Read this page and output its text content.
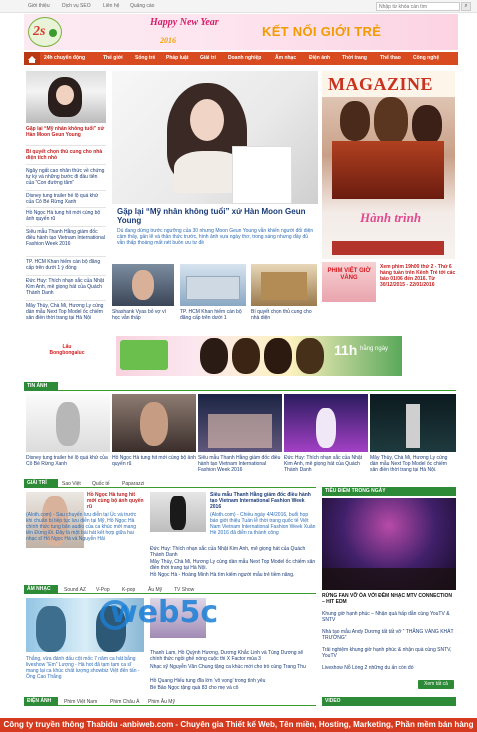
Giới thiệu Dịch vụ SEO Liên hệ Quảng cáo
Nhập từ khóa cần tìm	⌕
2s
Happy New Year
2016
KẾT NỐI GIỚI TRẺ
24h chuyển động	Thế giới Sống trẻ Pháp luật Giải trí Doanh nghiệp	Âm nhạc	Điện ảnh Thời trang	Thể thao Công nghệ
Gặp lại “Mỹ nhân không tuổi” xứ Hàn Moon Geun Young
Bí quyết chọn thủ cung cho nhà diện tích nhỏ
Ngây ngất cao nhân thức về chứng tự kỷ và những bước đi đầu tiên của “Con đường tâm”
Disney tung trailer hé lộ quá khứ của Cô Bé Rừng Xanh
Hồ Ngọc Hà tung hit mới cùng bộ ảnh quyến rũ
Siêu mẫu Thanh Hằng giám đốc điều hành tạo Vietnam International Fashion Week 2016
TP. HCM Khan hiếm cán bộ đăng cấp trên dưới 1 ý đồng
Đức Huy: Thích nhạn sắc của Nhật Kim Anh, mê giọng hát của Quách Thành Danh
Mây Thùy, Chà Mi, Hương Ly cùng dàn mẫu Next Top Model ốc chiếm sân điền thời trang tại Hà Nội
Gặp lại “Mỹ nhân không tuổi” xứ Hàn Moon Geun Young
Dù đang dừng trước ngưỡng của 30 nhưng Moon Geun Young vẫn khiến người đối diện cảm thấy, gần lẽ và thân thức trước, hình ảnh vựa ngày thơ, trong sáng nhưng đầy đủ vẫn thấp thoáng mất nét buồn ưu tư đề
Shashank Vyas bỏ vợ vì học vẫn thấp
TP. HCM Khan hiếm cán bộ đăng cấp trên dưới 1
Bí quyết chọn thủ cung cho nhà diện
MAGAZINE
Hành trình
PHIM VIỆT GIỜ VÀNG
Xem phim 19h00 thứ 2 - Thứ 6 hàng tuần trên Kênh Trẻ tới các báo 01/06 đến 2016. Từ 30/12/2015 - 22/01/2016
Lẩu Bongbongaluc	11h hằng ngày
TIN ẢNH
Disney tung trailer hé lộ quá khứ của Cô Bé Rừng Xanh
Hồ Ngọc Hà tung hit mới cùng bộ ảnh quyến rũ
Siêu mẫu Thanh Hằng giám đốc điều hành tạo Vietnam International Fashion Week 2016
Đức Huy: Thích nhạn sắc của Nhật Kim Anh, mê giọng hát của Quách Thành Danh
Mây Thùy, Chà Mi, Hương Ly cùng dàn mẫu Next Top Model ốc chiếm sân điền thời trang tại Hà Nội.
GIẢI TRÍ	Sao Việt Quốc tế Paparazzi
Hồ Ngọc Hà tung hit mới cùng bộ ảnh quyến rũ
(Aloth.com) - Sau chuyến lưu diễn tại Úc và trước khi chuẩn bị tiếp tục lưu diễn tại Mỹ, Hồ Ngọc Hà chính thức tung bản audio của ca khúc mới mang tên Đừng Đi. Đây là một bài hát kết hợp giữa hai nhạc sĩ Hồ Ngọc Hà và Nguyễn Hải
Siêu mẫu Thanh Hằng giám đốc điều hành tạo Vietnam International Fashion Week 2016
(Aloth.com) - Chiều ngày 4/4/2016, buổi họp báo giới thiệu Tuần lễ thời trang quốc tế Việt Nam Vietnam International Fashion Week Xuân Hè 2016 đã diễn ra thành công
Đức Huy: Thích nhạn sắc của Nhật Kim Anh, mê giọng hát của Quách Thành Danh
Mây Thùy, Chà Mi, Hương Ly cùng dàn mẫu Next Top Model ốc chiếm sân điền thời trang tại Hà Nội.
Hồ Ngọc Hà - Hoàng Minh Hà tìm kiếm người mẫu trẻ tiềm năng.
ÂM NHẠC	Sound AZ V-Pop K-pop	Âu Mỹ TV Show
Thắng, vừa đánh dấu cột mốc 7 năm ca hát bằng liveshow “Em” Lượng - Hà hot đã tạm tạm ca sĩ mang lại ca khúc chất lượng showbiz Việt đến tấn - Ông Cao Thắng
Thanh Lam, Hồ Quỳnh Hương, Dương Khắc Linh và Tùng Dương sẽ chính thức ngồi ghế nóng cuộc thi X Factor mùa 3
Nhạc sỹ Nguyễn Văn Chung tặng ca khúc mới cho trò cùng Trang Thu
Hồ Quang Hiếu tung đĩa lớn ‘vô vọng’ trong tình yêu
Bé Bảo Ngọc tặng quà 83 cho mẹ và cô
ĐIỆN ẢNH	Phim Việt Nam	Phim Châu Á Phim Âu Mỹ
TIÊU ĐIỂM TRONG NGÀY
RỪNG FAN VỠ ÒA VỚI ĐÊM NHẠC MTV CONNECTION – HIT EDM
Khung giờ hạnh phúc – Nhận quà hấp dẫn cùng YouTV & SNTV
Nhà tạo mẫu Andy Dương tất tất vỡ “ THĂNG VÀNG KHÁT TRƯỜNG”
Trải nghiệm khung giờ hạnh phúc & nhận quà cùng SNTV, YouTV
Liveshow Nỗ Lòng 2 những du ấn còn đó
Xem tất cả
VIDEO
web5c
Công ty truyền thông Thabidu -anbiweb.com - Chuyên gia Thiết kế Web, Tên miền, Hosting, Marketing, Phần mềm bán hàng
